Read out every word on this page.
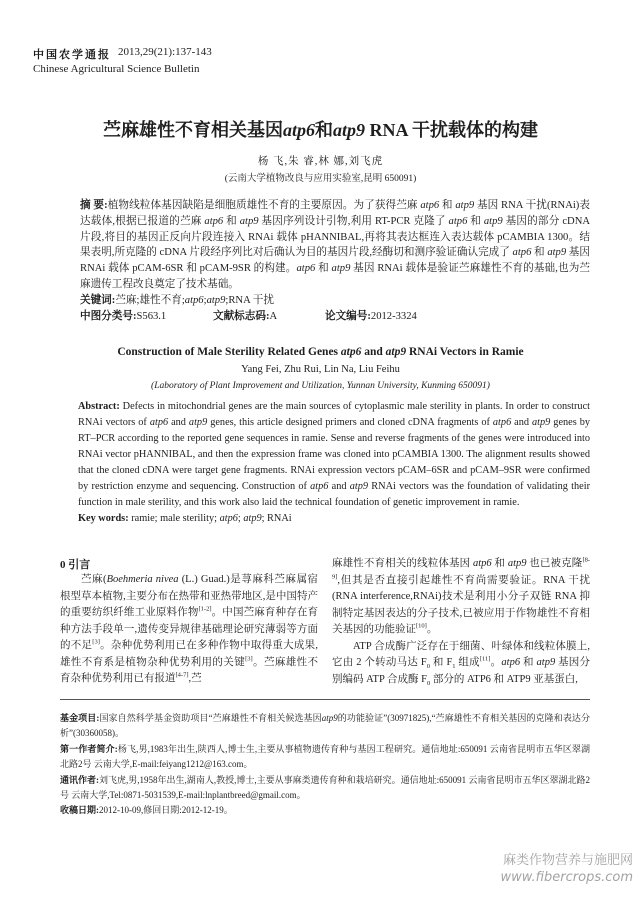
中国农学通报 2013,29(21):137-143
Chinese Agricultural Science Bulletin
苎麻雄性不育相关基因atp6和atp9 RNA 干扰载体的构建
杨 飞,朱 睿,林 娜,刘飞虎
(云南大学植物改良与应用实验室,昆明 650091)

摘 要:植物线粒体基因缺陷是细胞质雄性不育的主要原因。为了获得苎麻 atp6 和 atp9 基因 RNA 干扰(RNAi)表达载体,根据已报道的苎麻 atp6 和 atp9 基因序列设计引物,利用 RT-PCR 克隆了 atp6 和 atp9 基因的部分 cDNA 片段,将目的基因正反向片段连接入 RNAi 载体 pHANNIBAL,再将其表达框连入表达载体 pCAMBIA 1300。结果表明,所克隆的 cDNA 片段经序列比对后确认为目的基因片段,经酶切和测序验证确认完成了 atp6 和 atp9 基因 RNAi 载体 pCAM-6SR 和 pCAM-9SR 的构建。atp6 和 atp9 基因 RNAi 载体是验证苎麻雄性不育的基础,也为苎麻遗传工程改良奠定了技术基础。

关键词:苎麻;雄性不育;atp6;atp9;RNA 干扰

中图分类号:S563.1	文献标志码:A	论文编号:2012-3324
Construction of Male Sterility Related Genes atp6 and atp9 RNAi Vectors in Ramie
Yang Fei, Zhu Rui, Lin Na, Liu Feihu
(Laboratory of Plant Improvement and Utilization, Yunnan University, Kunming 650091)

Abstract: Defects in mitochondrial genes are the main sources of cytoplasmic male sterility in plants. In order to construct RNAi vectors of atp6 and atp9 genes, this article designed primers and cloned cDNA fragments of atp6 and atp9 genes by RT–PCR according to the reported gene sequences in ramie. Sense and reverse fragments of the genes were introduced into RNAi vector pHANNIBAL, and then the expression frame was cloned into pCAMBIA 1300. The alignment results showed that the cloned cDNA were target gene fragments. RNAi expression vectors pCAM–6SR and pCAM–9SR were confirmed by restriction enzyme and sequencing. Construction of atp6 and atp9 RNAi vectors was the foundation of validating their function in male sterility, and this work also laid the technical foundation of genetic improvement in ramie.

Key words: ramie; male sterility; atp6; atp9; RNAi

0 引言

苎麻(Boehmeria nivea (L.) Guad.)是荨麻科苎麻属宿根型草本植物,主要分布在热带和亚热带地区,是中国特产的重要纺织纤维工业原料作物[1-2]。中国苎麻育种存在育种方法手段单一,遗传变异规律基础理论研究薄弱等方面的不足[3]。杂种优势利用已在多种作物中取得重大成果,雄性不育系是植物杂种优势利用的关键[3]。苎麻雄性不育杂种优势利用已有报道[4-7],苎

麻雄性不育相关的线粒体基因 atp6 和 atp9 也已被克隆[8-9],但其是否直接引起雄性不育尚需要验证。RNA 干扰(RNA interference,RNAi)技术是利用小分子双链 RNA 抑制特定基因表达的分子技术,已被应用于作物雄性不育相关基因的功能验证[10]。

ATP 合成酶广泛存在于细菌、叶绿体和线粒体膜上,它由 2 个转动马达 $F_0$ 和 $F_1$ 组成[11]。atp6 和 atp9 基因分别编码 ATP 合成酶 $F_0$ 部分的 ATP6 和 ATP9 亚基蛋白,

基金项目:国家自然科学基金资助项目“苎麻雄性不育相关候选基因atp9的功能验证”(30971825),“苎麻雄性不育相关基因的克隆和表达分析”(30360058)。
第一作者简介:杨飞,男,1983年出生,陕西人,博士生,主要从事植物遗传育种与基因工程研究。通信地址:650091 云南省昆明市五华区翠湖北路2号 云南大学,E-mail:feiyang1212@163.com。
通讯作者:刘飞虎,男,1958年出生,湖南人,教授,博士,主要从事麻类遗传育种和栽培研究。通信地址:650091 云南省昆明市五华区翠湖北路2号 云南大学,Tel:0871-5031539,E-mail:lnplantbreed@gmail.com。
收稿日期:2012-10-09,修回日期:2012-12-19。
麻类作物营养与施肥网
www.fibercrops.com
